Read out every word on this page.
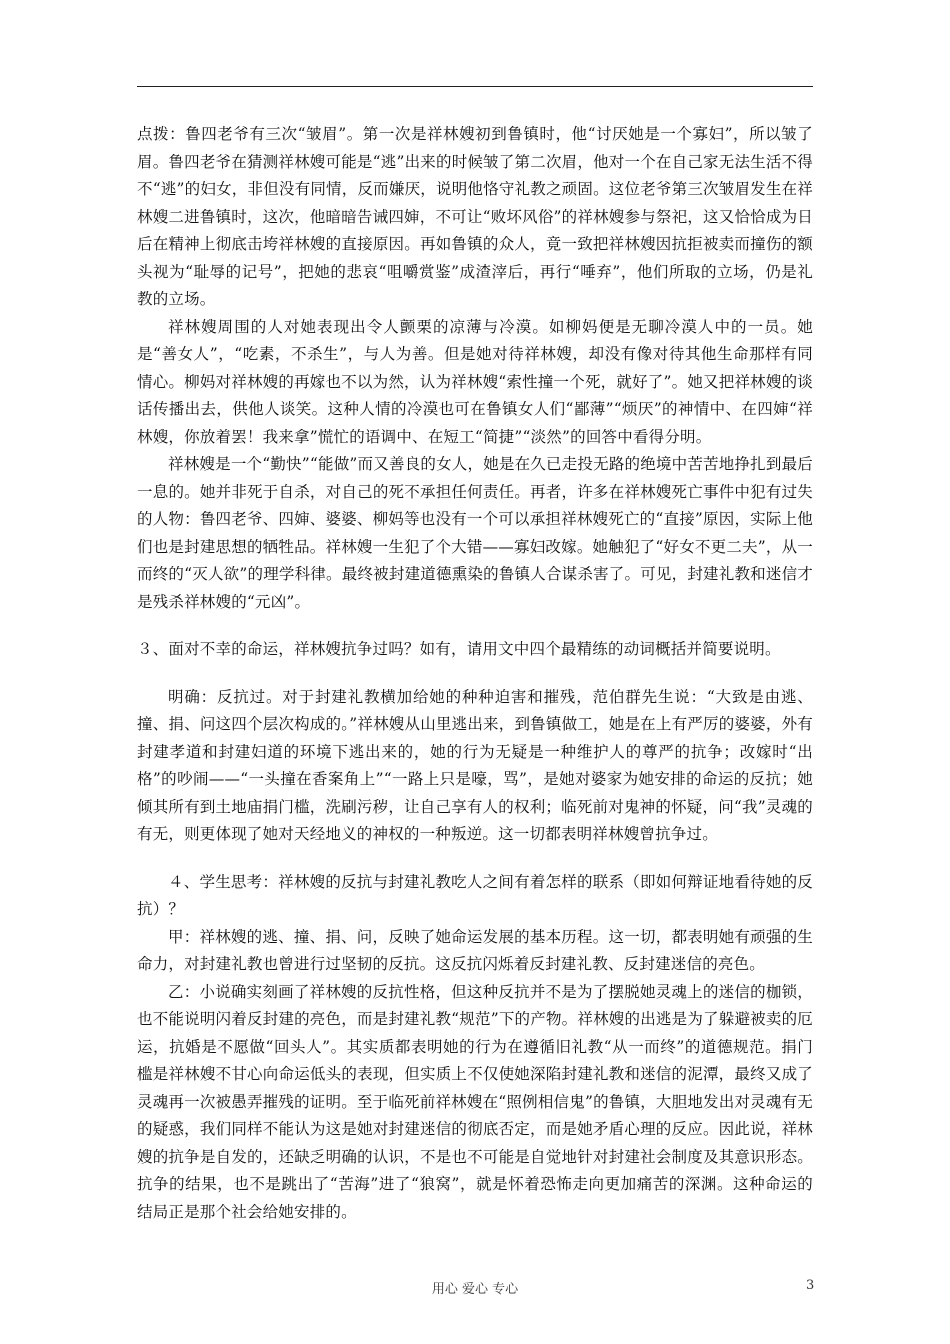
点拨：鲁四老爷有三次“皱眉”。第一次是祥林嫂初到鲁镇时，他“讨厌她是一个寡妇”，所以皱了眉。鲁四老爷在猜测祥林嫂可能是“逃”出来的时候皱了第二次眉，他对一个在自己家无法生活不得不“逃”的妇女，非但没有同情，反而嫌厌，说明他恪守礼教之顽固。这位老爷第三次皱眉发生在祥林嫂二进鲁镇时，这次，他暗暗告诫四婶，不可让“败坏风俗”的祥林嫂参与祭祀，这又恰恰成为日后在精神上彻底击垮祥林嫂的直接原因。再如鲁镇的众人，竟一致把祥林嫂因抗拒被卖而撞伤的额头视为“耻辱的记号”，把她的悲哀“咀嚼赏鉴”成渣滓后，再行“唾弃”，他们所取的立场，仍是礼教的立场。

祥林嫂周围的人对她表现出令人颤栗的凉薄与冷漠。如柳妈便是无聊冷漠人中的一员。她是“善女人”，“吃素，不杀生”，与人为善。但是她对待祥林嫂，却没有像对待其他生命那样有同情心。柳妈对祥林嫂的再嫁也不以为然，认为祥林嫂“索性撞一个死，就好了”。她又把祥林嫂的谈话传播出去，供他人谈笑。这种人情的冷漠也可在鲁镇女人们“鄙薄”“烦厌”的神情中、在四婶“祥林嫂，你放着罢！我来拿”慌忙的语调中、在短工“简捷”“淡然”的回答中看得分明。

祥林嫂是一个“勤快”“能做”而又善良的女人，她是在久已走投无路的绝境中苦苦地挣扎到最后一息的。她并非死于自杀，对自己的死不承担任何责任。再者，许多在祥林嫂死亡事件中犯有过失的人物：鲁四老爷、四婶、婆婆、柳妈等也没有一个可以承担祥林嫂死亡的“直接”原因，实际上他们也是封建思想的牺牲品。祥林嫂一生犯了个大错——寡妇改嫁。她触犯了“好女不更二夫”，从一而终的“灭人欲”的理学科律。最终被封建道德熏染的鲁镇人合谋杀害了。可见，封建礼教和迷信才是残杀祥林嫂的“元凶”。

３、面对不幸的命运，祥林嫂抗争过吗？如有，请用文中四个最精练的动词概括并简要说明。

明确：反抗过。对于封建礼教横加给她的种种迫害和摧残，范伯群先生说：“大致是由逃、撞、捐、问这四个层次构成的。”祥林嫂从山里逃出来，到鲁镇做工，她是在上有严厉的婆婆，外有封建孝道和封建妇道的环境下逃出来的，她的行为无疑是一种维护人的尊严的抗争；改嫁时“出格”的吵闹——“一头撞在香案角上”“一路上只是嚎，骂”，是她对婆家为她安排的命运的反抗；她倾其所有到土地庙捐门槛，洗刷污秽，让自己享有人的权利；临死前对鬼神的怀疑，问“我”灵魂的有无，则更体现了她对天经地义的神权的一种叛逆。这一切都表明祥林嫂曾抗争过。

４、学生思考：祥林嫂的反抗与封建礼教吃人之间有着怎样的联系（即如何辩证地看待她的反抗）？

甲：祥林嫂的逃、撞、捐、问，反映了她命运发展的基本历程。这一切，都表明她有顽强的生命力，对封建礼教也曾进行过坚韧的反抗。这反抗闪烁着反封建礼教、反封建迷信的亮色。

乙：小说确实刻画了祥林嫂的反抗性格，但这种反抗并不是为了摆脱她灵魂上的迷信的枷锁，也不能说明闪着反封建的亮色，而是封建礼教“规范”下的产物。祥林嫂的出逃是为了躲避被卖的厄运，抗婚是不愿做“回头人”。其实质都表明她的行为在遵循旧礼教“从一而终”的道德规范。捐门槛是祥林嫂不甘心向命运低头的表现，但实质上不仅使她深陷封建礼教和迷信的泥潭，最终又成了灵魂再一次被愚弄摧残的证明。至于临死前祥林嫂在“照例相信鬼”的鲁镇，大胆地发出对灵魂有无的疑惑，我们同样不能认为这是她对封建迷信的彻底否定，而是她矛盾心理的反应。因此说，祥林嫂的抗争是自发的，还缺乏明确的认识，不是也不可能是自觉地针对封建社会制度及其意识形态。抗争的结果，也不是跳出了“苦海”进了“狼窝”，就是怀着恐怖走向更加痛苦的深渊。这种命运的结局正是那个社会给她安排的。

用心 爱心 专心	3
